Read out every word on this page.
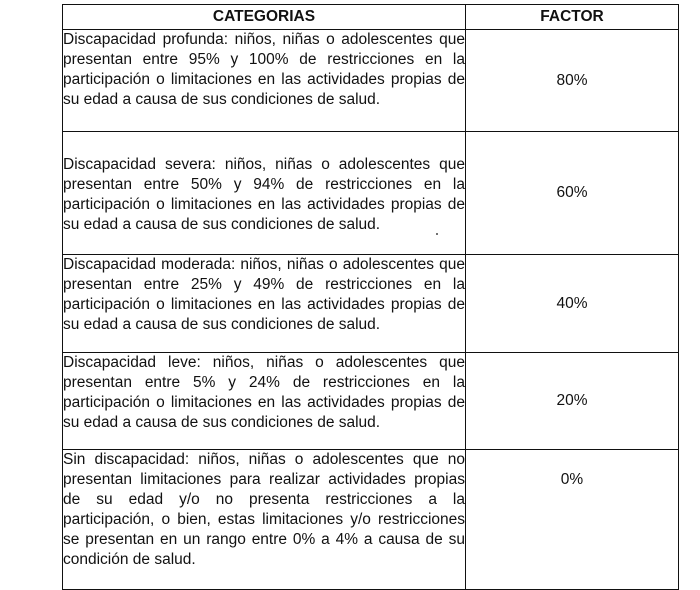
CATEGORIAS	FACTOR
Discapacidad profunda: niños, niñas o adolescentes que presentan entre 95% y 100% de restricciones en la participación o limitaciones en las actividades propias de su edad a causa de sus condiciones de salud.	80%
Discapacidad severa: niños, niñas o adolescentes que presentan entre 50% y 94% de restricciones en la participación o limitaciones en las actividades propias de su edad a causa de sus condiciones de salud.	60%
Discapacidad moderada: niños, niñas o adolescentes que presentan entre 25% y 49% de restricciones en la participación o limitaciones en las actividades propias de su edad a causa de sus condiciones de salud.	40%
Discapacidad leve: niños, niñas o adolescentes que presentan entre 5% y 24% de restricciones en la participación o limitaciones en las actividades propias de su edad a causa de sus condiciones de salud.	20%
Sin discapacidad: niños, niñas o adolescentes que no presentan limitaciones para realizar actividades propias de su edad y/o no presenta restricciones a la participación, o bien, estas limitaciones y/o restricciones se presentan en un rango entre 0% a 4% a causa de su condición de salud.	0%
